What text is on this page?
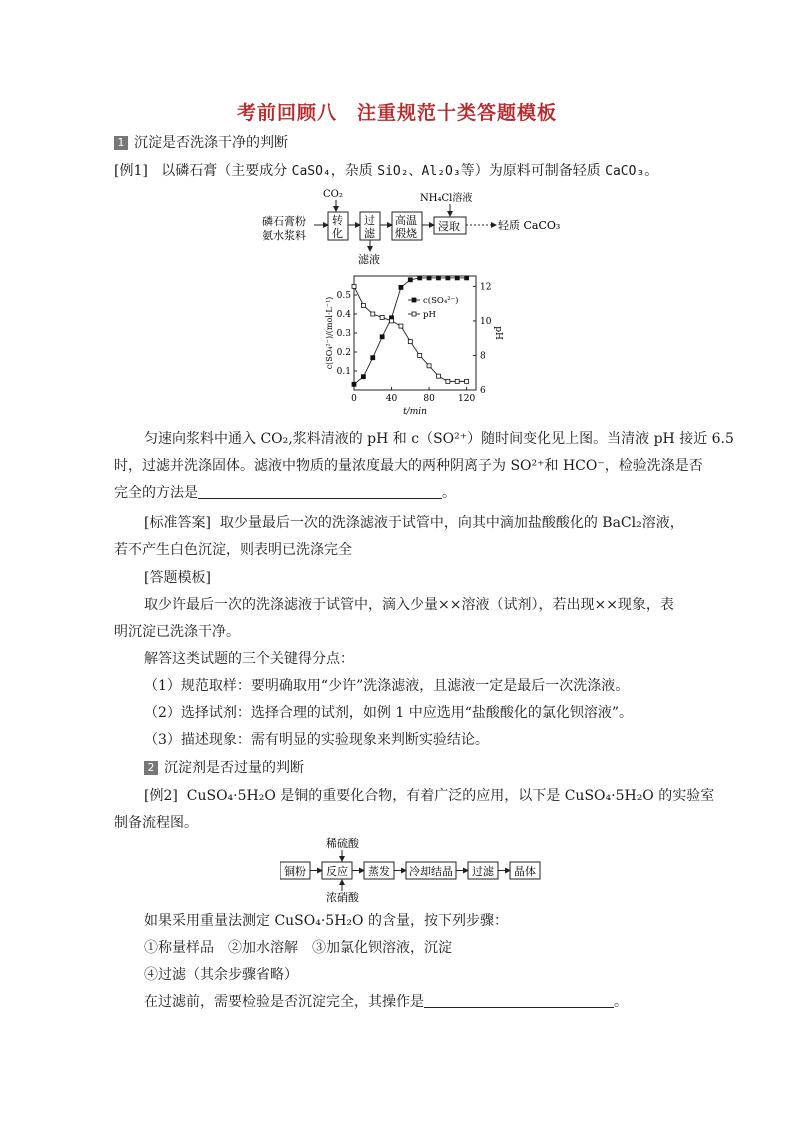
考前回顾八　注重规范十类答题模板
1 沉淀是否洗涤干净的判断
[例1] 以磷石膏（主要成分 CaSO₄，杂质 SiO₂、Al₂O₃等）为原料可制备轻质 CaCO₃。
磷石膏粉
氨水浆料
CO₂
转
化
过
滤
滤液
高温
煅烧
NH₄Cl溶液
浸取	轻质 CaCO₃
0	40	80	120
0.1
0.2
0.3
0.4
0.5
6
8
10
12
t/min
c(SO₄²⁻)/(mol·L⁻¹)	pH
c(SO₄²⁻)
pH
匀速向浆料中通入 CO₂,浆料清液的 pH 和 c（SO²⁺）随时间变化见上图。当清液 pH 接近 6.5
时，过滤并洗涤固体。滤液中物质的量浓度最大的两种阴离子为 SO²⁺和 HCO⁻，检验洗涤是否
完全的方法是	。
[标准答案] 取少量最后一次的洗涤滤液于试管中，向其中滴加盐酸酸化的 BaCl₂溶液，
若不产生白色沉淀，则表明已洗涤完全
[答题模板]
取少许最后一次的洗涤滤液于试管中，滴入少量××溶液（试剂），若出现××现象，表
明沉淀已洗涤干净。
解答这类试题的三个关键得分点：
（1）规范取样：要明确取用“少许”洗涤滤液，且滤液一定是最后一次洗涤液。
（2）选择试剂：选择合理的试剂，如例 1 中应选用“盐酸酸化的氯化钡溶液”。
（3）描述现象：需有明显的实验现象来判断实验结论。
2 沉淀剂是否过量的判断
[例2] CuSO₄·5H₂O 是铜的重要化合物，有着广泛的应用，以下是 CuSO₄·5H₂O 的实验室
制备流程图。
稀硫酸
浓硝酸
铜粉 反应 蒸发 冷却结晶 过滤 晶体
如果采用重量法测定 CuSO₄·5H₂O 的含量，按下列步骤：
①称量样品　②加水溶解　③加氯化钡溶液，沉淀
④过滤（其余步骤省略）
在过滤前，需要检验是否沉淀完全，其操作是	。
